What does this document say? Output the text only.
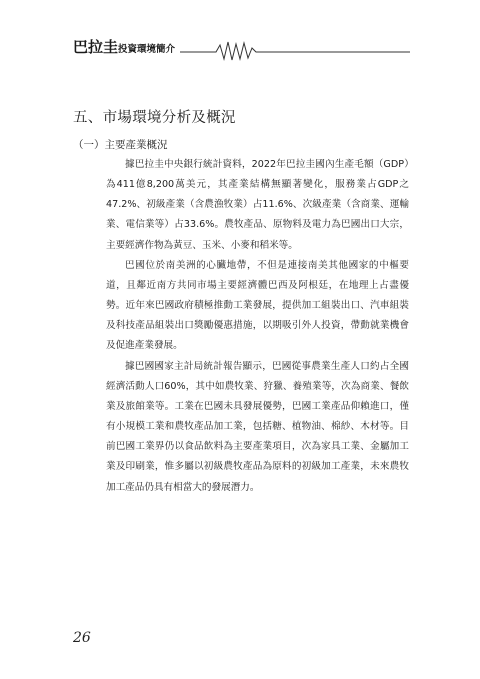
巴拉圭投資環境簡介
五、市場環境分析及概況
（一）主要產業概況

據巴拉圭中央銀行統計資料，2022年巴拉圭國內生產毛額（GDP）為411億8,200萬美元，其產業結構無顯著變化，服務業占GDP之47.2%、初級產業（含農漁牧業）占11.6%、次級產業（含商業、運輸業、電信業等）占33.6%。農牧產品、原物料及電力為巴國出口大宗，主要經濟作物為黃豆、玉米、小麥和稻米等。

巴國位於南美洲的心臟地帶，不但是連接南美其他國家的中樞要道，且鄰近南方共同市場主要經濟體巴西及阿根廷，在地理上占盡優勢。近年來巴國政府積極推動工業發展，提供加工組裝出口、汽車組裝及科技產品組裝出口獎勵優惠措施，以期吸引外人投資，帶動就業機會及促進產業發展。

據巴國國家主計局統計報告顯示，巴國從事農業生產人口約占全國經濟活動人口60%，其中如農牧業、狩獵、養殖業等，次為商業、餐飲業及旅館業等。工業在巴國未具發展優勢，巴國工業產品仰賴進口，僅有小規模工業和農牧產品加工業，包括糖、植物油、棉紗、木材等。目前巴國工業界仍以食品飲料為主要產業項目，次為家具工業、金屬加工業及印刷業，惟多屬以初級農牧產品為原料的初級加工產業，未來農牧加工產品仍具有相當大的發展潛力。

26
